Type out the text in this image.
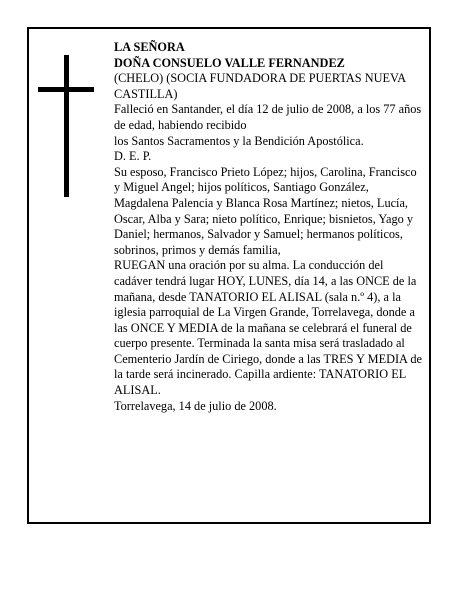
LA SEÑORA

DOÑA CONSUELO VALLE FERNANDEZ

(CHELO) (SOCIA FUNDADORA DE PUERTAS NUEVA CASTILLA)

Falleció en Santander, el día 12 de julio de 2008, a los 77 años de edad, habiendo recibido

los Santos Sacramentos y la Bendición Apostólica.

D. E. P.

Su esposo, Francisco Prieto López; hijos, Carolina, Francisco y Miguel Angel; hijos políticos, Santiago González, Magdalena Palencia y Blanca Rosa Martínez; nietos, Lucía, Oscar, Alba y Sara; nieto político, Enrique; bisnietos, Yago y Daniel; hermanos, Salvador y Samuel; hermanos políticos, sobrinos, primos y demás familia,

RUEGAN una oración por su alma. La conducción del cadáver tendrá lugar HOY, LUNES, día 14, a las ONCE de la mañana, desde TANATORIO EL ALISAL (sala n.º 4), a la iglesia parroquial de La Virgen Grande, Torrelavega, donde a las ONCE Y MEDIA de la mañana se celebrará el funeral de cuerpo presente. Terminada la santa misa será trasladado al Cementerio Jardín de Ciriego, donde a las TRES Y MEDIA de la tarde será incinerado. Capilla ardiente: TANATORIO EL ALISAL.

Torrelavega, 14 de julio de 2008.
